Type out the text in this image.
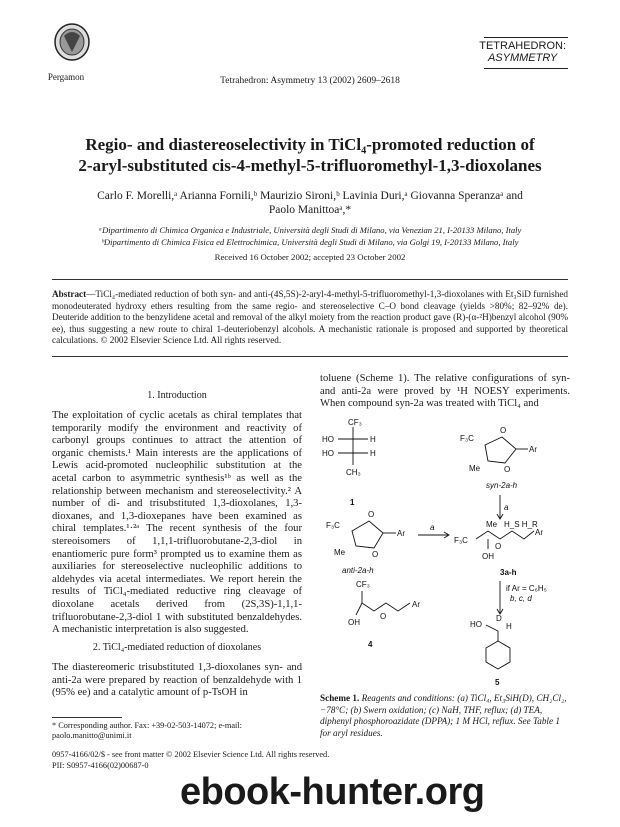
Pergamon	Tetrahedron: Asymmetry 13 (2002) 2609–2618
TETRAHEDRON:
ASYMMETRY
Regio- and diastereoselectivity in TiCl₄-promoted reduction of
2-aryl-substituted cis-4-methyl-5-trifluoromethyl-1,3-dioxolanes
Carlo F. Morelli,ᵃ Arianna Fornili,ᵇ Maurizio Sironi,ᵇ Lavinia Duri,ᵃ Giovanna Speranzaᵃ and
Paolo Manittoaᵃ,*
ᵃDipartimento di Chimica Organica e Industriale, Università degli Studi di Milano, via Venezian 21, I-20133 Milano, Italy
ᵇDipartimento di Chimica Fisica ed Elettrochimica, Università degli Studi di Milano, via Golgi 19, I-20133 Milano, Italy
Received 16 October 2002; accepted 23 October 2002
Abstract—TiCl₄-mediated reduction of both syn- and anti-(4S,5S)-2-aryl-4-methyl-5-trifluoromethyl-1,3-dioxolanes with Et₃SiD furnished monodeuterated hydroxy ethers resulting from the same regio- and stereoselective C–O bond cleavage (yields >80%; 82–92% de). Deuteride addition to the benzylidene acetal and removal of the alkyl moiety from the reaction product gave (R)-(α-²H)benzyl alcohol (90% ee), thus suggesting a new route to chiral 1-deuteriobenzyl alcohols. A mechanistic rationale is proposed and supported by theoretical calculations. © 2002 Elsevier Science Ltd. All rights reserved.
1. Introduction
The exploitation of cyclic acetals as chiral templates that temporarily modify the environment and reactivity of carbonyl groups continues to attract the attention of organic chemists.¹ Main interests are the applications of Lewis acid-promoted nucleophilic substitution at the acetal carbon to asymmetric synthesis¹ᵇ as well as the relationship between mechanism and stereoselectivity.² A number of di- and trisubstituted 1,3-dioxolanes, 1,3-dioxanes, and 1,3-dioxepanes have been examined as chiral templates.¹·²ᵃ The recent synthesis of the four stereoisomers of 1,1,1-trifluorobutane-2,3-diol in enantiomeric pure form³ prompted us to examine them as auxiliaries for stereoselective nucleophilic additions to aldehydes via acetal intermediates. We report herein the results of TiCl₄-mediated reductive ring cleavage of dioxolane acetals derived from (2S,3S)-1,1,1-trifluorobutane-2,3-diol 1 with substituted benzaldehydes. A mechanistic interpretation is also suggested.
2. TiCl₄-mediated reduction of dioxolanes
The diastereomeric trisubstituted 1,3-dioxolanes syn- and anti-2a were prepared by reaction of benzaldehyde with 1 (95% ee) and a catalytic amount of p-TsOH in
* Corresponding author. Fax: +39-02-503-14072; e-mail: paolo.manitto@unimi.it
0957-4166/02/$ - see front matter © 2002 Elsevier Science Ltd. All rights reserved.
PII: S0957-4166(02)00687-0
toluene (Scheme 1). The relative configurations of syn- and anti-2a were proved by ¹H NOESY experiments. When compound syn-2a was treated with TiCl₄ and
CF₃
HO	H
HO	H
CH₃
1
F₃C
O
O
Ar
Me
syn-2a-h
a
F₃C
O
O
Ar
Me
anti-2a-h
a	Me H_S H_R
F₃C
O
Ar
OH
3a-h
CF₃
O
Ar
OH
4
if Ar = C₆H₅
b, c, d
HO
D
H
5
Scheme 1. Reagents and conditions: (a) TiCl₄, Et₃SiH(D), CH₂Cl₂, −78°C; (b) Swern oxidation; (c) NaH, THF, reflux; (d) TEA, diphenyl phosphoroazidate (DPPA); 1 M HCl, reflux. See Table 1 for aryl residues.
ebook-hunter.org
